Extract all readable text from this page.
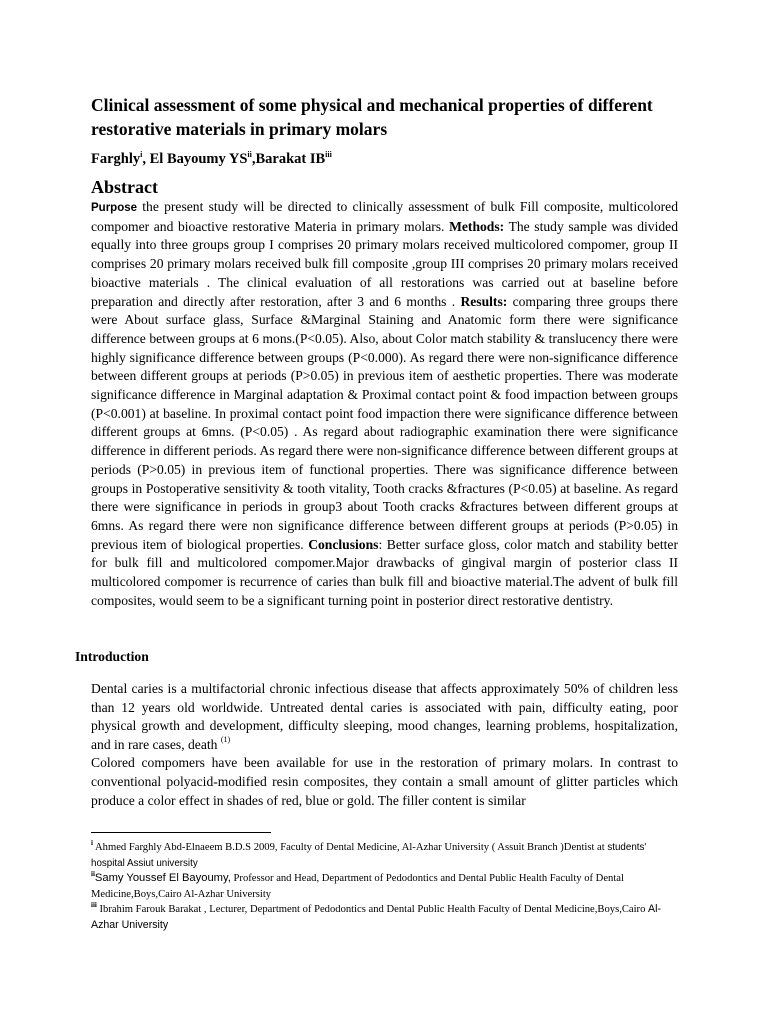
Clinical assessment of some physical and mechanical properties of different restorative materials in primary molars
Farghly$^i$, El Bayoumy YS$^{ii}$,Barakat IB$^{iii}$
Abstract
Purpose the present study will be directed to clinically assessment of bulk Fill composite, multicolored compomer and bioactive restorative Materia in primary molars. Methods: The study sample was divided equally into three groups group I comprises 20 primary molars received multicolored compomer, group II comprises 20 primary molars received bulk fill composite ,group III comprises 20 primary molars received bioactive materials . The clinical evaluation of all restorations was carried out at baseline before preparation and directly after restoration, after 3 and 6 months . Results: comparing three groups there were About surface glass, Surface &Marginal Staining and Anatomic form there were significance difference between groups at 6 mons.(P<0.05). Also, about Color match stability & translucency there were highly significance difference between groups (P<0.000). As regard there were non-significance difference between different groups at periods (P>0.05) in previous item of aesthetic properties. There was moderate significance difference in Marginal adaptation & Proximal contact point & food impaction between groups (P<0.001) at baseline. In proximal contact point food impaction there were significance difference between different groups at 6mns. (P<0.05) . As regard about radiographic examination there were significance difference in different periods. As regard there were non-significance difference between different groups at periods (P>0.05) in previous item of functional properties. There was significance difference between groups in Postoperative sensitivity & tooth vitality, Tooth cracks &fractures (P<0.05) at baseline. As regard there were significance in periods in group3 about Tooth cracks &fractures between different groups at 6mns. As regard there were non significance difference between different groups at periods (P>0.05) in previous item of biological properties. Conclusions: Better surface gloss, color match and stability better for bulk fill and multicolored compomer.Major drawbacks of gingival margin of posterior class II multicolored compomer is recurrence of caries than bulk fill and bioactive material.The advent of bulk fill composites, would seem to be a significant turning point in posterior direct restorative dentistry.
Introduction

Dental caries is a multifactorial chronic infectious disease that affects approximately 50% of children less than 12 years old worldwide. Untreated dental caries is associated with pain, difficulty eating, poor physical growth and development, difficulty sleeping, mood changes, learning problems, hospitalization, and in rare cases, death $^{(1)}$

Colored compomers have been available for use in the restoration of primary molars. In contrast to conventional polyacid-modified resin composites, they contain a small amount of glitter particles which produce a color effect in shades of red, blue or gold. The filler content is similar

$^i$ Ahmed Farghly Abd-Elnaeem B.D.S 2009, Faculty of Dental Medicine, Al-Azhar University ( Assuit Branch )Dentist at students' hospital Assiut university

$^{ii}$Samy Youssef El Bayoumy, Professor and Head, Department of Pedodontics and Dental Public Health Faculty of Dental Medicine,Boys,Cairo Al-Azhar University

$^{iii}$ Ibrahim Farouk Barakat , Lecturer, Department of Pedodontics and Dental Public Health Faculty of Dental Medicine,Boys,Cairo Al-Azhar University
